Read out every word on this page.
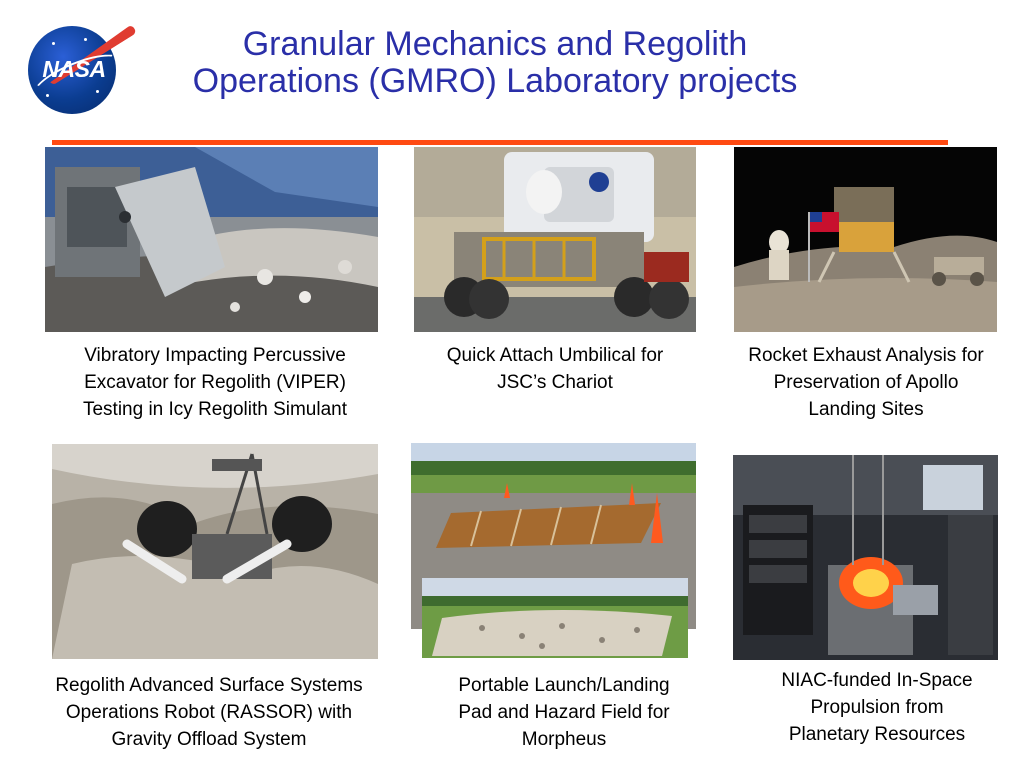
NASA
Granular Mechanics and Regolith
Operations (GMRO) Laboratory projects
Vibratory Impacting Percussive
Excavator for Regolith (VIPER)
Testing in Icy Regolith Simulant
Quick Attach Umbilical for
JSC’s Chariot
Rocket Exhaust Analysis for
Preservation of Apollo
Landing Sites
Regolith Advanced Surface Systems
Operations Robot (RASSOR) with
Gravity Offload System
Portable Launch/Landing
Pad and Hazard Field for
Morpheus
NIAC-funded In-Space
Propulsion from
Planetary Resources
